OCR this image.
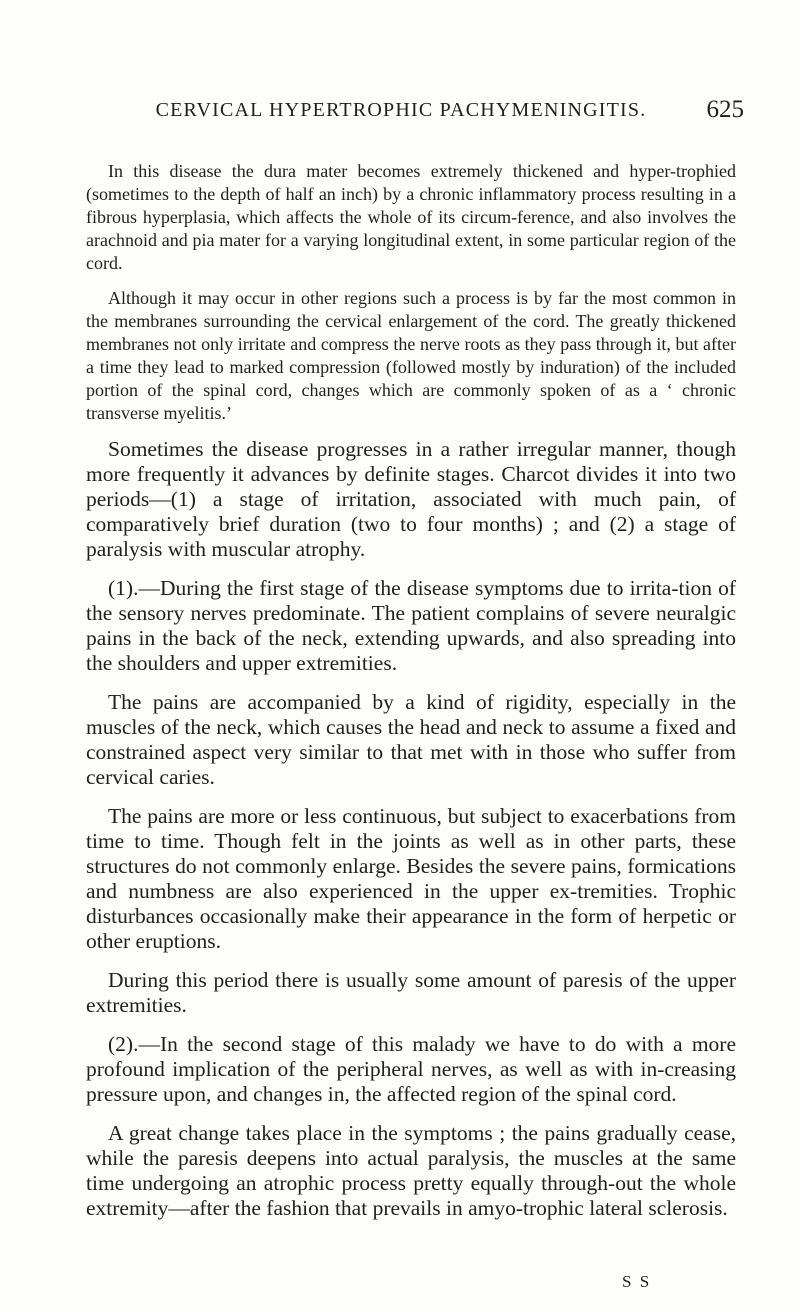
CERVICAL HYPERTROPHIC PACHYMENINGITIS.	625

In this disease the dura mater becomes extremely thickened and hyper-trophied (sometimes to the depth of half an inch) by a chronic inflammatory process resulting in a fibrous hyperplasia, which affects the whole of its circum-ference, and also involves the arachnoid and pia mater for a varying longitudinal extent, in some particular region of the cord.

Although it may occur in other regions such a process is by far the most common in the membranes surrounding the cervical enlargement of the cord. The greatly thickened membranes not only irritate and compress the nerve roots as they pass through it, but after a time they lead to marked compression (followed mostly by induration) of the included portion of the spinal cord, changes which are commonly spoken of as a ‘ chronic transverse myelitis.’

Sometimes the disease progresses in a rather irregular manner, though more frequently it advances by definite stages. Charcot divides it into two periods—(1) a stage of irritation, associated with much pain, of comparatively brief duration (two to four months) ; and (2) a stage of paralysis with muscular atrophy.

(1).—During the first stage of the disease symptoms due to irrita-tion of the sensory nerves predominate. The patient complains of severe neuralgic pains in the back of the neck, extending upwards, and also spreading into the shoulders and upper extremities.

The pains are accompanied by a kind of rigidity, especially in the muscles of the neck, which causes the head and neck to assume a fixed and constrained aspect very similar to that met with in those who suffer from cervical caries.

The pains are more or less continuous, but subject to exacerbations from time to time. Though felt in the joints as well as in other parts, these structures do not commonly enlarge. Besides the severe pains, formications and numbness are also experienced in the upper ex-tremities. Trophic disturbances occasionally make their appearance in the form of herpetic or other eruptions.

During this period there is usually some amount of paresis of the upper extremities.

(2).—In the second stage of this malady we have to do with a more profound implication of the peripheral nerves, as well as with in-creasing pressure upon, and changes in, the affected region of the spinal cord.

A great change takes place in the symptoms ; the pains gradually cease, while the paresis deepens into actual paralysis, the muscles at the same time undergoing an atrophic process pretty equally through-out the whole extremity—after the fashion that prevails in amyo-trophic lateral sclerosis.

S S
